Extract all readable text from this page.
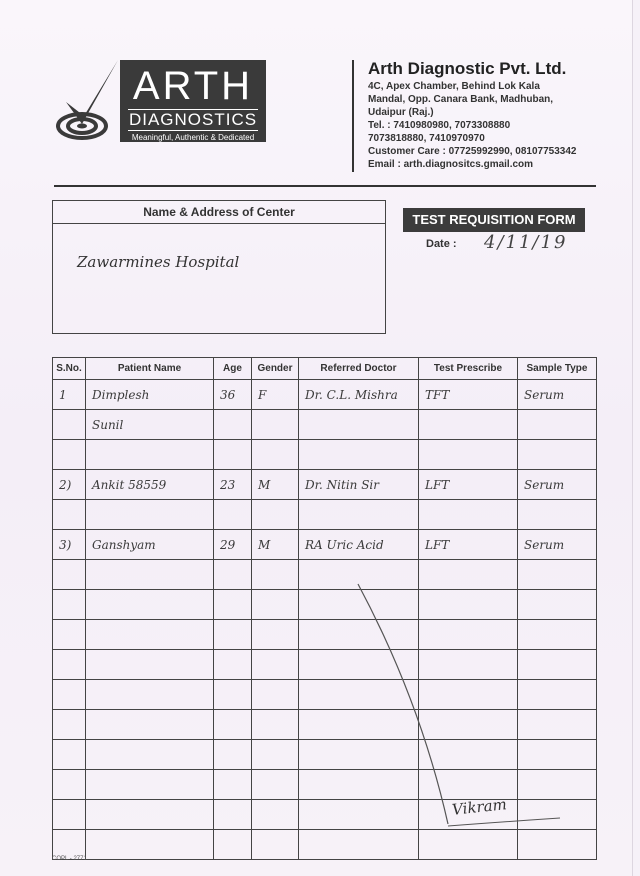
ARTH
DIAGNOSTICS
Meaningful, Authentic & Dedicated
Arth Diagnostic Pvt. Ltd.
4C, Apex Chamber, Behind Lok Kala
Mandal, Opp. Canara Bank, Madhuban,
Udaipur (Raj.)
Tel. : 7410980980, 7073308880
7073818880, 7410970970
Customer Care : 07725992990, 08107753342
Email : arth.diagnositcs.gmail.com
Name & Address of Center
Zawarmines Hospital
TEST REQUISITION FORM
Date : 4/11/19
S.No.	Patient Name	Age	Gender	Referred Doctor	Test Prescribe	Sample Type
1	Dimplesh	36	F	Dr. C.L. Mishra	TFT	Serum
	Sunil					

2)	Ankit 58559	23	M	Dr. Nitin Sir	LFT	Serum

3)	Ganshyam	29	M	RA Uric Acid	LFT	Serum

Vikram
COPL - 2771
